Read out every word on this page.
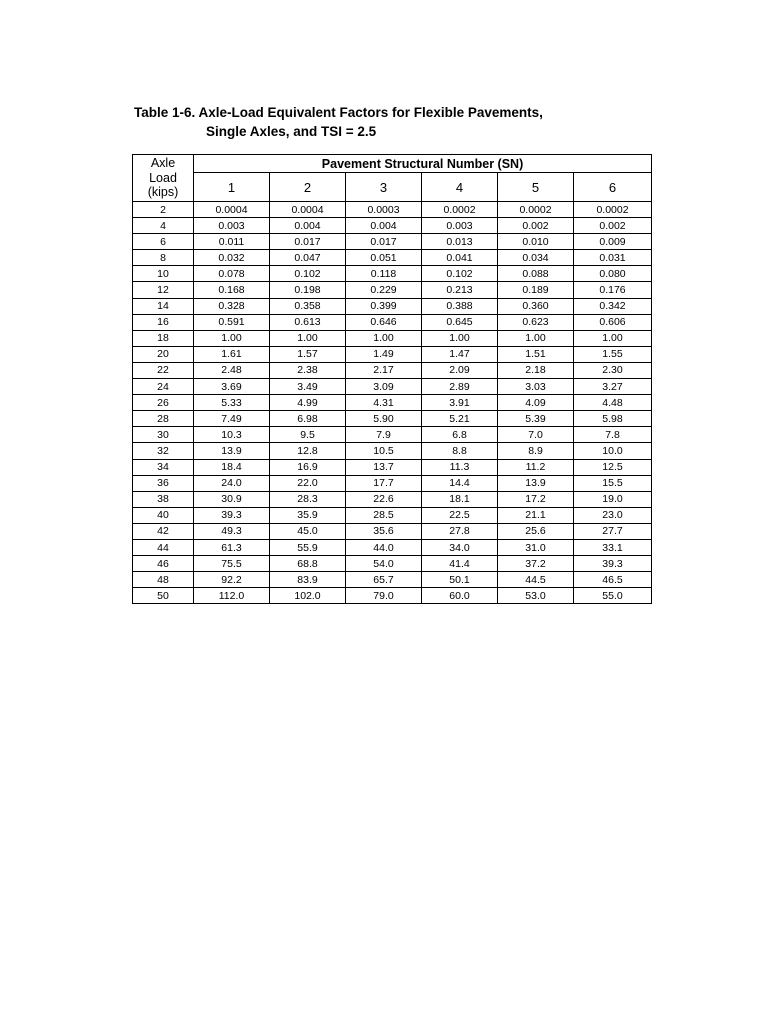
Table 1-6. Axle-Load Equivalent Factors for Flexible Pavements,
Single Axles, and TSI = 2.5
Axle
Load
(kips)	Pavement Structural Number (SN)					
	1	2	3	4	5	6
2	0.0004	0.0004	0.0003	0.0002	0.0002	0.0002
4	0.003	0.004	0.004	0.003	0.002	0.002
6	0.011	0.017	0.017	0.013	0.010	0.009
8	0.032	0.047	0.051	0.041	0.034	0.031
10	0.078	0.102	0.118	0.102	0.088	0.080
12	0.168	0.198	0.229	0.213	0.189	0.176
14	0.328	0.358	0.399	0.388	0.360	0.342
16	0.591	0.613	0.646	0.645	0.623	0.606
18	1.00	1.00	1.00	1.00	1.00	1.00
20	1.61	1.57	1.49	1.47	1.51	1.55
22	2.48	2.38	2.17	2.09	2.18	2.30
24	3.69	3.49	3.09	2.89	3.03	3.27
26	5.33	4.99	4.31	3.91	4.09	4.48
28	7.49	6.98	5.90	5.21	5.39	5.98
30	10.3	9.5	7.9	6.8	7.0	7.8
32	13.9	12.8	10.5	8.8	8.9	10.0
34	18.4	16.9	13.7	11.3	11.2	12.5
36	24.0	22.0	17.7	14.4	13.9	15.5
38	30.9	28.3	22.6	18.1	17.2	19.0
40	39.3	35.9	28.5	22.5	21.1	23.0
42	49.3	45.0	35.6	27.8	25.6	27.7
44	61.3	55.9	44.0	34.0	31.0	33.1
46	75.5	68.8	54.0	41.4	37.2	39.3
48	92.2	83.9	65.7	50.1	44.5	46.5
50	112.0	102.0	79.0	60.0	53.0	55.0
